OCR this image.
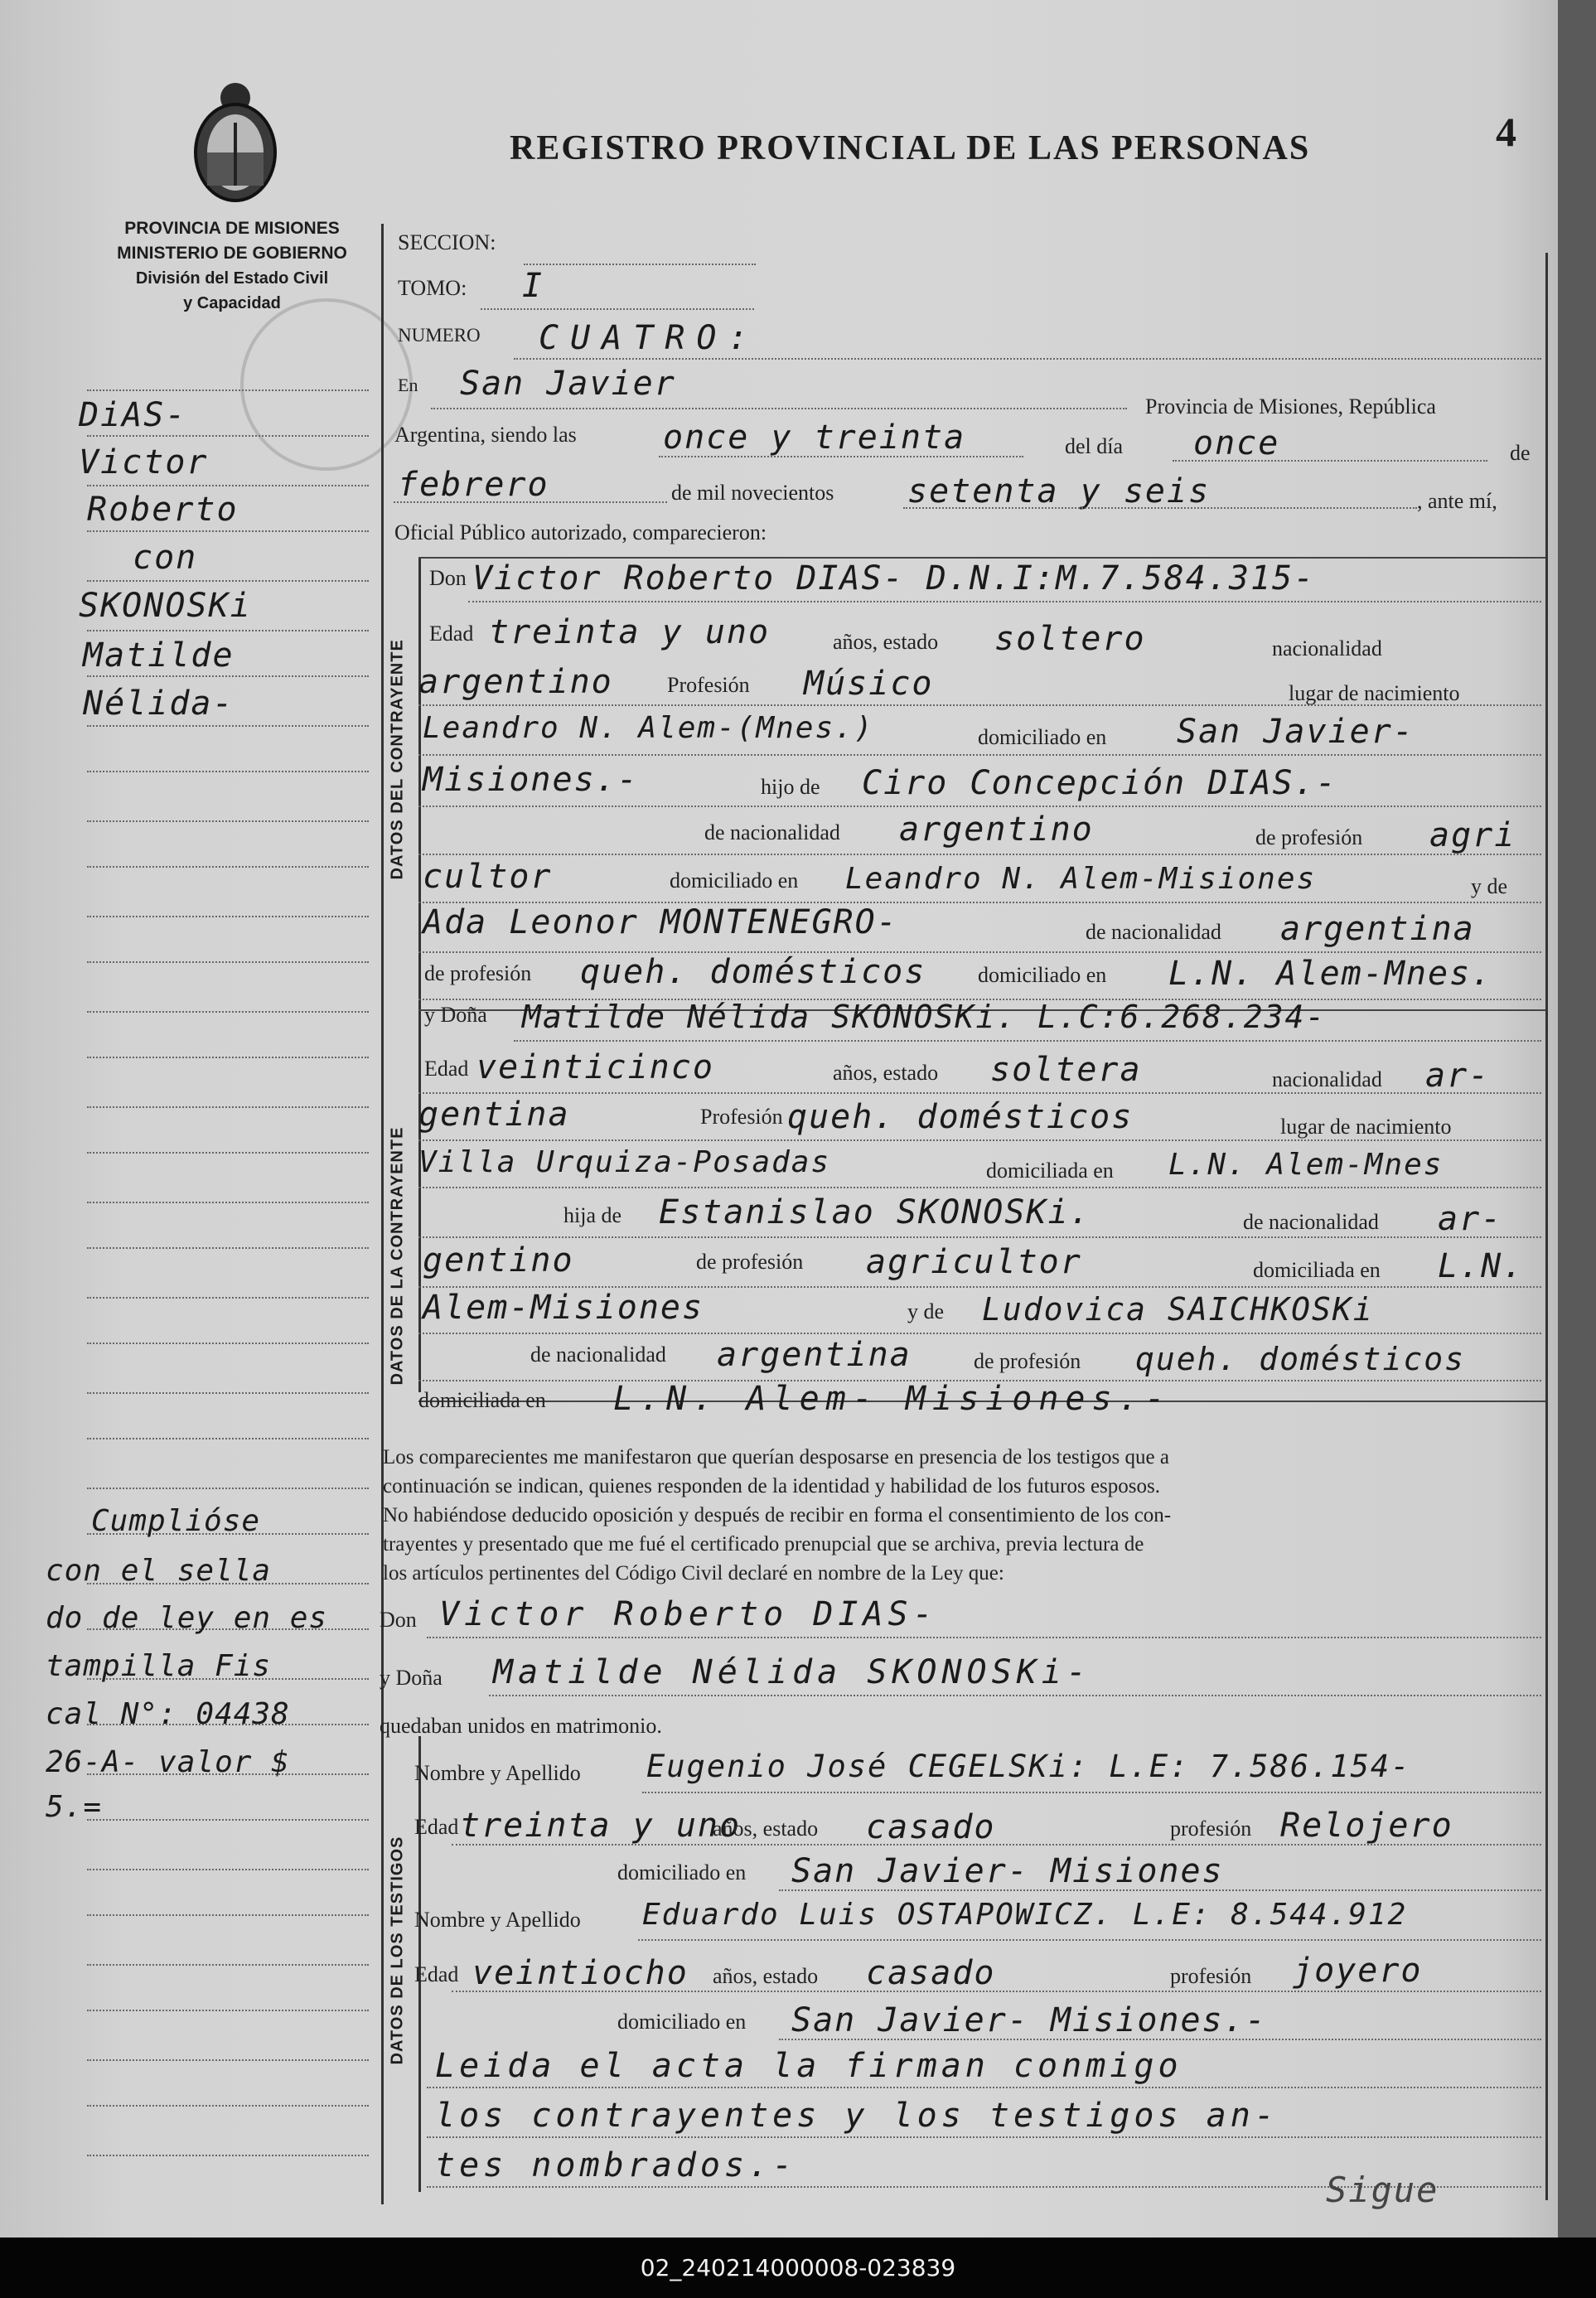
REGISTRO PROVINCIAL DE LAS PERSONAS	4
PROVINCIA DE MISIONES
MINISTERIO DE GOBIERNO
División del Estado Civil
y Capacidad
DiAS-
Victor
Roberto
con
SKONOSKi
Matilde
Nélida-
Cumplióse
con el sella
do de ley en es
tampilla Fis
cal N°: 04438
26-A- valor $
5.=
SECCION:
TOMO: I
NUMERO CUATRO:
En San Javier
Provincia de Misiones, República
Argentina, siendo las	once y treinta	del día once	de
febrero	de mil novecientos setenta y seis	, ante mí,
Oficial Público autorizado, comparecieron:
DATOS DEL CONTRAYENTE
DATOS DE LA CONTRAYENTE
DATOS DE LOS TESTIGOS
Don Victor Roberto DIAS- D.N.I:M.7.584.315-
Edad treinta y uno	años, estado soltero	nacionalidad
argentino	Profesión Músico	lugar de nacimiento
Leandro N. Alem-(Mnes.)	domiciliado en San Javier-
Misiones.-	hijo de Ciro Concepción DIAS.-
de nacionalidad argentino	de profesión agri
cultor	domiciliado en Leandro N. Alem-Misiones	y de
Ada Leonor MONTENEGRO-	de nacionalidad argentina
de profesión queh. domésticos domiciliado en L.N. Alem-Mnes.
y Doña Matilde Nélida SKONOSKi. L.C:6.268.234-
Edad veinticinco	años, estado soltera	nacionalidad ar-
gentina	Profesión queh. domésticos	lugar de nacimiento
Villa Urquiza-Posadas	domiciliada en L.N. Alem-Mnes
hija de Estanislao SKONOSKi.	de nacionalidad ar-
gentino	de profesión agricultor	domiciliada en L.N.
Alem-Misiones	y de Ludovica SAICHKOSKi
de nacionalidad argentina	de profesión queh. domésticos
domiciliada en L.N. Alem- Misiones.-
Los comparecientes me manifestaron que querían desposarse en presencia de los testigos que a
continuación se indican, quienes responden de la identidad y habilidad de los futuros esposos.
No habiéndose deducido oposición y después de recibir en forma el consentimiento de los con-
trayentes y presentado que me fué el certificado prenupcial que se archiva, previa lectura de
los artículos pertinentes del Código Civil declaré en nombre de la Ley que:
Don Victor Roberto DIAS-
y Doña Matilde Nélida SKONOSKi-
quedaban unidos en matrimonio.
Nombre y Apellido Eugenio José CEGELSKi: L.E: 7.586.154-
Edad treinta y uno
años, estado casado	profesión Relojero
domiciliado en San Javier- Misiones
Nombre y Apellido Eduardo Luis OSTAPOWICZ. L.E: 8.544.912
Edad veintiocho años, estado casado	profesión joyero
domiciliado en San Javier- Misiones.-
Leida el acta la firman conmigo
los contrayentes y los testigos an-
tes nombrados.-
Sigue
02_240214000008-023839
